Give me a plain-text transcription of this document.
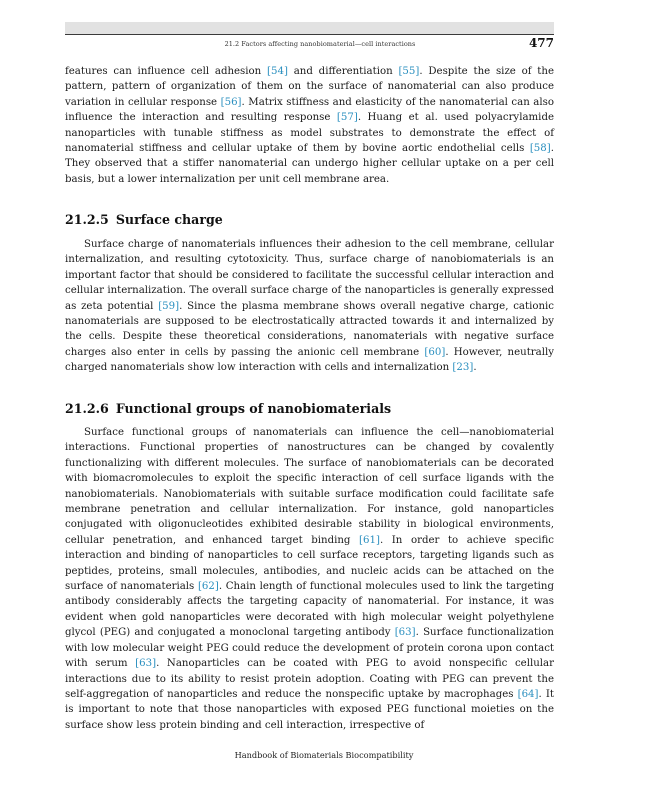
21.2 Factors affecting nanobiomaterial—cell interactions	477

features can influence cell adhesion [54] and differentiation [55]. Despite the size of the pattern, pattern of organization of them on the surface of nanomaterial can also produce variation in cellular response [56]. Matrix stiffness and elasticity of the nanomaterial can also influence the interaction and resulting response [57]. Huang et al. used polyacrylamide nanoparticles with tunable stiffness as model substrates to demonstrate the effect of nanomaterial stiffness and cellular uptake of them by bovine aortic endothelial cells [58]. They observed that a stiffer nanomaterial can undergo higher cellular uptake on a per cell basis, but a lower internalization per unit cell membrane area.

21.2.5 Surface charge

Surface charge of nanomaterials influences their adhesion to the cell membrane, cellular internalization, and resulting cytotoxicity. Thus, surface charge of nanobiomaterials is an important factor that should be considered to facilitate the successful cellular interaction and cellular internalization. The overall surface charge of the nanoparticles is generally expressed as zeta potential [59]. Since the plasma membrane shows overall negative charge, cationic nanomaterials are supposed to be electrostatically attracted towards it and internalized by the cells. Despite these theoretical considerations, nanomaterials with negative surface charges also enter in cells by passing the anionic cell membrane [60]. However, neutrally charged nanomaterials show low interaction with cells and internalization [23].

21.2.6 Functional groups of nanobiomaterials

Surface functional groups of nanomaterials can influence the cell—nanobiomaterial interactions. Functional properties of nanostructures can be changed by covalently functionalizing with different molecules. The surface of nanobiomaterials can be decorated with biomacromolecules to exploit the specific interaction of cell surface ligands with the nanobiomaterials. Nanobiomaterials with suitable surface modification could facilitate safe membrane penetration and cellular internalization. For instance, gold nanoparticles conjugated with oligonucleotides exhibited desirable stability in biological environments, cellular penetration, and enhanced target binding [61]. In order to achieve specific interaction and binding of nanoparticles to cell surface receptors, targeting ligands such as peptides, proteins, small molecules, antibodies, and nucleic acids can be attached on the surface of nanomaterials [62]. Chain length of functional molecules used to link the targeting antibody considerably affects the targeting capacity of nanomaterial. For instance, it was evident when gold nanoparticles were decorated with high molecular weight polyethylene glycol (PEG) and conjugated a monoclonal targeting antibody [63]. Surface functionalization with low molecular weight PEG could reduce the development of protein corona upon contact with serum [63]. Nanoparticles can be coated with PEG to avoid nonspecific cellular interactions due to its ability to resist protein adoption. Coating with PEG can prevent the self-aggregation of nanoparticles and reduce the nonspecific uptake by macrophages [64]. It is important to note that those nanoparticles with exposed PEG functional moieties on the surface show less protein binding and cell interaction, irrespective of

Handbook of Biomaterials Biocompatibility
